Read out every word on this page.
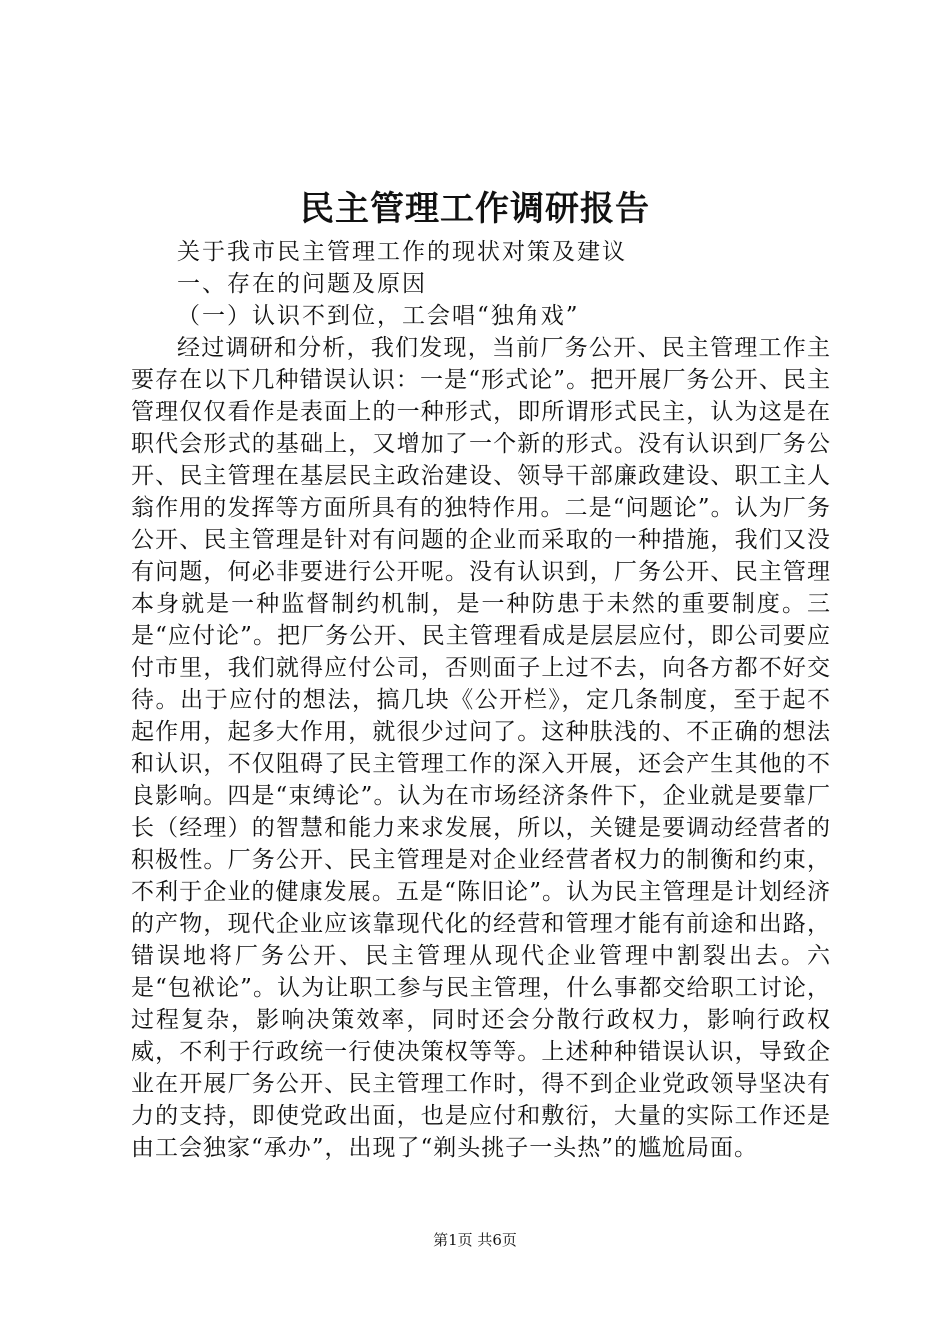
民主管理工作调研报告

关于我市民主管理工作的现状对策及建议

一、存在的问题及原因

（一）认识不到位，工会唱“独角戏”

经过调研和分析，我们发现，当前厂务公开、民主管理工作主要存在以下几种错误认识：一是“形式论”。把开展厂务公开、民主管理仅仅看作是表面上的一种形式，即所谓形式民主，认为这是在职代会形式的基础上，又增加了一个新的形式。没有认识到厂务公开、民主管理在基层民主政治建设、领导干部廉政建设、职工主人翁作用的发挥等方面所具有的独特作用。二是“问题论”。认为厂务公开、民主管理是针对有问题的企业而采取的一种措施，我们又没有问题，何必非要进行公开呢。没有认识到，厂务公开、民主管理本身就是一种监督制约机制，是一种防患于未然的重要制度。三是“应付论”。把厂务公开、民主管理看成是层层应付，即公司要应付市里，我们就得应付公司，否则面子上过不去，向各方都不好交待。出于应付的想法，搞几块《公开栏》，定几条制度，至于起不起作用，起多大作用，就很少过问了。这种肤浅的、不正确的想法和认识，不仅阻碍了民主管理工作的深入开展，还会产生其他的不良影响。四是“束缚论”。认为在市场经济条件下，企业就是要靠厂长（经理）的智慧和能力来求发展，所以，关键是要调动经营者的积极性。厂务公开、民主管理是对企业经营者权力的制衡和约束，不利于企业的健康发展。五是“陈旧论”。认为民主管理是计划经济的产物，现代企业应该靠现代化的经营和管理才能有前途和出路，错误地将厂务公开、民主管理从现代企业管理中割裂出去。六是“包袱论”。认为让职工参与民主管理，什么事都交给职工讨论，过程复杂，影响决策效率，同时还会分散行政权力，影响行政权威，不利于行政统一行使决策权等等。上述种种错误认识，导致企业在开展厂务公开、民主管理工作时，得不到企业党政领导坚决有力的支持，即使党政出面，也是应付和敷衍，大量的实际工作还是由工会独家“承办”，出现了“剃头挑子一头热”的尴尬局面。

第1页 共6页
